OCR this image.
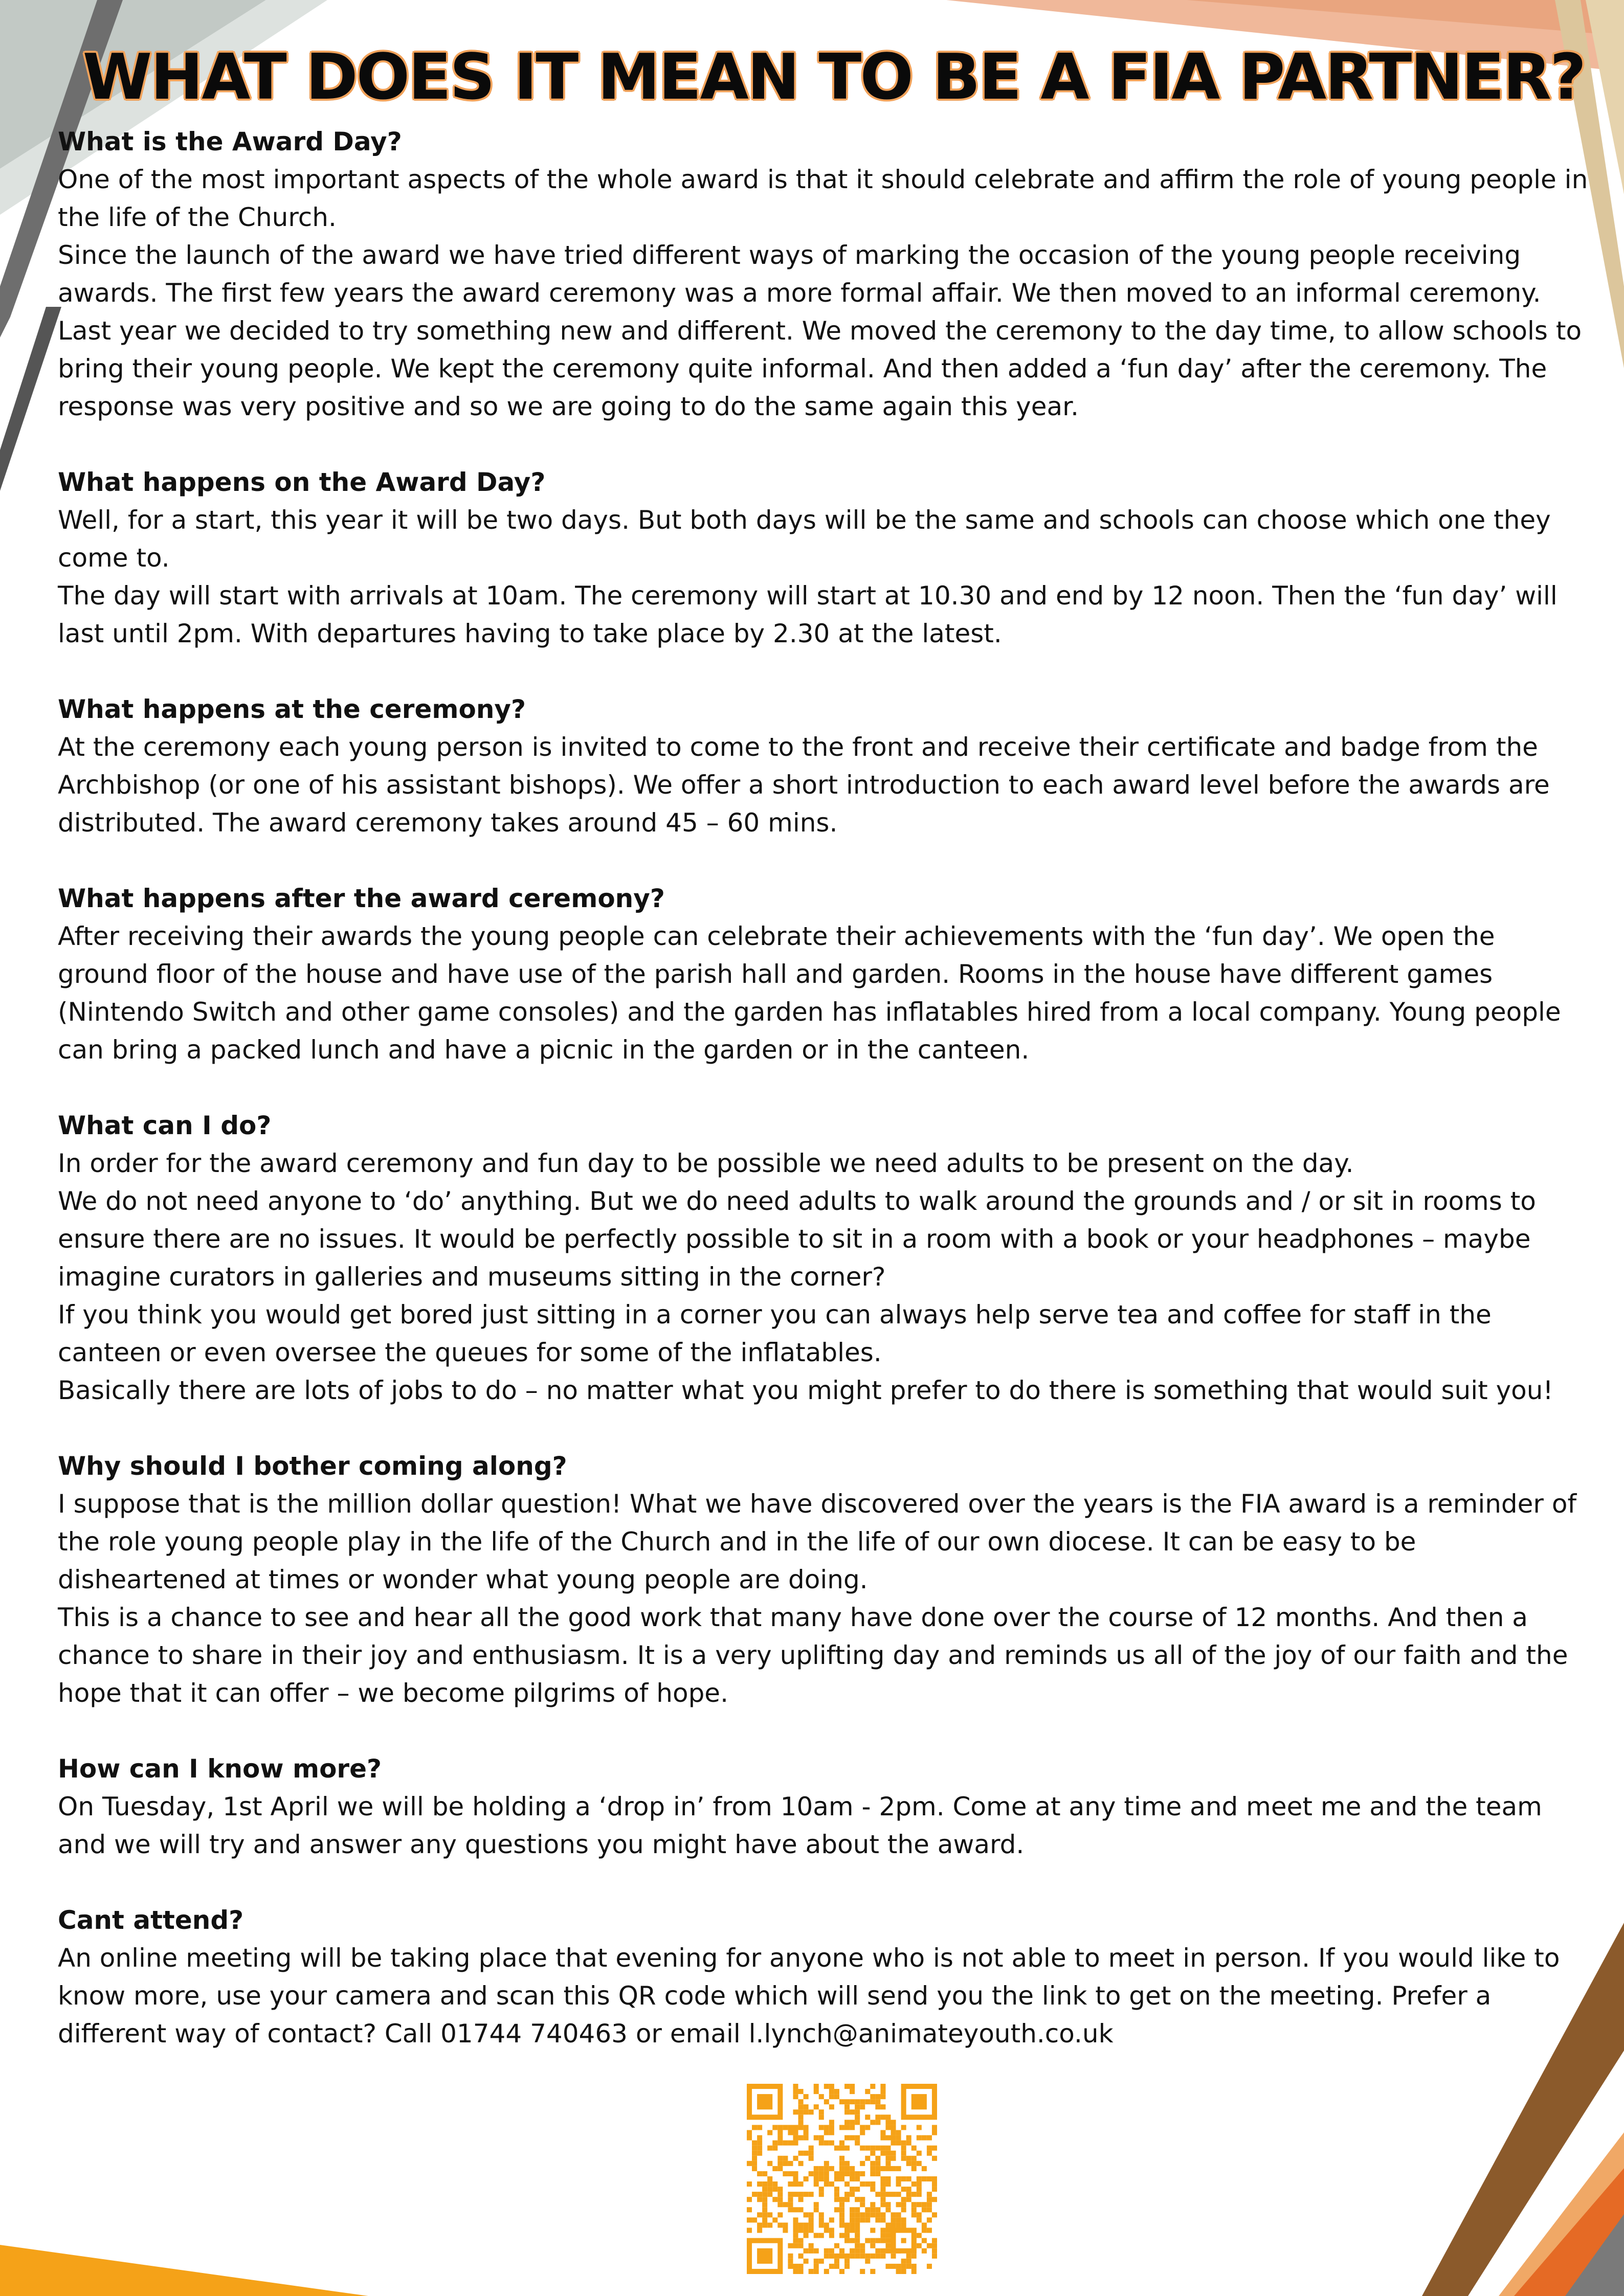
WHAT DOES IT MEAN TO BE A FIA PARTNER?

What is the Award Day?

One of the most important aspects of the whole award is that it should celebrate and affirm the role of young people in the life of the Church.

Since the launch of the award we have tried different ways of marking the occasion of the young people receiving awards. The first few years the award ceremony was a more formal affair. We then moved to an informal ceremony. Last year we decided to try something new and different. We moved the ceremony to the day time, to allow schools to bring their young people. We kept the ceremony quite informal. And then added a ‘fun day’ after the ceremony. The response was very positive and so we are going to do the same again this year.

What happens on the Award Day?

Well, for a start, this year it will be two days. But both days will be the same and schools can choose which one they come to.

The day will start with arrivals at 10am. The ceremony will start at 10.30 and end by 12 noon. Then the ‘fun day’ will last until 2pm. With departures having to take place by 2.30 at the latest.

What happens at the ceremony?

At the ceremony each young person is invited to come to the front and receive their certificate and badge from the Archbishop (or one of his assistant bishops). We offer a short introduction to each award level before the awards are distributed. The award ceremony takes around 45 – 60 mins.

What happens after the award ceremony?

After receiving their awards the young people can celebrate their achievements with the ‘fun day’. We open the ground floor of the house and have use of the parish hall and garden. Rooms in the house have different games (Nintendo Switch and other game consoles) and the garden has inflatables hired from a local company. Young people can bring a packed lunch and have a picnic in the garden or in the canteen.

What can I do?

In order for the award ceremony and fun day to be possible we need adults to be present on the day.

We do not need anyone to ‘do’ anything. But we do need adults to walk around the grounds and / or sit in rooms to ensure there are no issues. It would be perfectly possible to sit in a room with a book or your headphones – maybe imagine curators in galleries and museums sitting in the corner?

If you think you would get bored just sitting in a corner you can always help serve tea and coffee for staff in the canteen or even oversee the queues for some of the inflatables.

Basically there are lots of jobs to do – no matter what you might prefer to do there is something that would suit you!

Why should I bother coming along?

I suppose that is the million dollar question! What we have discovered over the years is the FIA award is a reminder of the role young people play in the life of the Church and in the life of our own diocese. It can be easy to be disheartened at times or wonder what young people are doing.

This is a chance to see and hear all the good work that many have done over the course of 12 months. And then a chance to share in their joy and enthusiasm. It is a very uplifting day and reminds us all of the joy of our faith and the hope that it can offer – we become pilgrims of hope.

How can I know more?

On Tuesday, 1st April we will be holding a ‘drop in’ from 10am - 2pm. Come at any time and meet me and the team and we will try and answer any questions you might have about the award.

Cant attend?

An online meeting will be taking place that evening for anyone who is not able to meet in person. If you would like to know more, use your camera and scan this QR code which will send you the link to get on the meeting. Prefer a different way of contact? Call 01744 740463 or email l.lynch@animateyouth.co.uk
